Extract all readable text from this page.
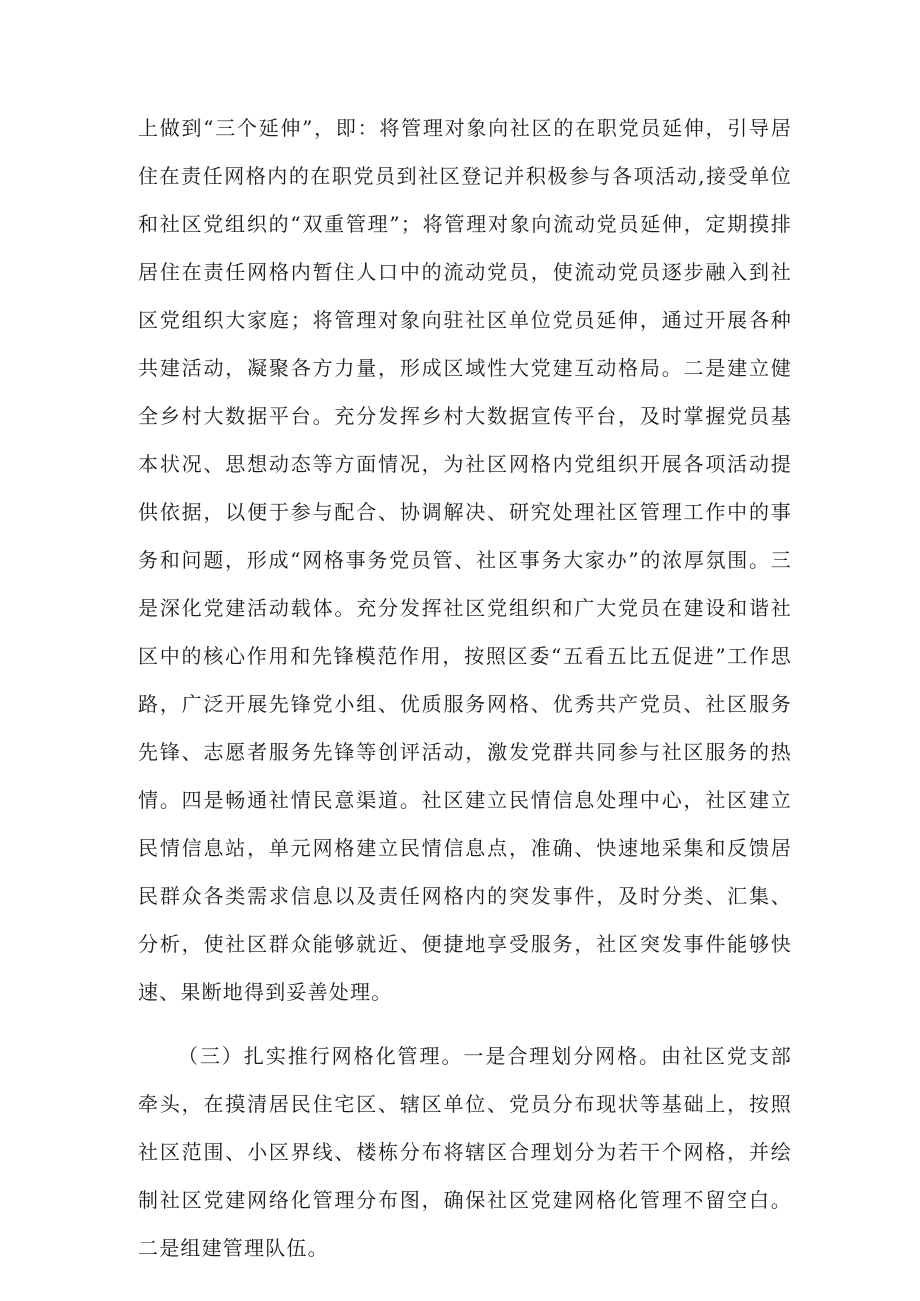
上做到“三个延伸”，即：将管理对象向社区的在职党员延伸，引导居住在责任网格内的在职党员到社区登记并积极参与各项活动,接受单位和社区党组织的“双重管理”；将管理对象向流动党员延伸，定期摸排居住在责任网格内暂住人口中的流动党员，使流动党员逐步融入到社区党组织大家庭；将管理对象向驻社区单位党员延伸，通过开展各种共建活动，凝聚各方力量，形成区域性大党建互动格局。二是建立健全乡村大数据平台。充分发挥乡村大数据宣传平台，及时掌握党员基本状况、思想动态等方面情况，为社区网格内党组织开展各项活动提供依据，以便于参与配合、协调解决、研究处理社区管理工作中的事务和问题，形成“网格事务党员管、社区事务大家办”的浓厚氛围。三是深化党建活动载体。充分发挥社区党组织和广大党员在建设和谐社区中的核心作用和先锋模范作用，按照区委“五看五比五促进”工作思路，广泛开展先锋党小组、优质服务网格、优秀共产党员、社区服务先锋、志愿者服务先锋等创评活动，激发党群共同参与社区服务的热情。四是畅通社情民意渠道。社区建立民情信息处理中心，社区建立民情信息站，单元网格建立民情信息点，准确、快速地采集和反馈居民群众各类需求信息以及责任网格内的突发事件，及时分类、汇集、分析，使社区群众能够就近、便捷地享受服务，社区突发事件能够快速、果断地得到妥善处理。

（三）扎实推行网格化管理。一是合理划分网格。由社区党支部牵头，在摸清居民住宅区、辖区单位、党员分布现状等基础上，按照社区范围、小区界线、楼栋分布将辖区合理划分为若干个网格，并绘制社区党建网络化管理分布图，确保社区党建网格化管理不留空白。二是组建管理队伍。
